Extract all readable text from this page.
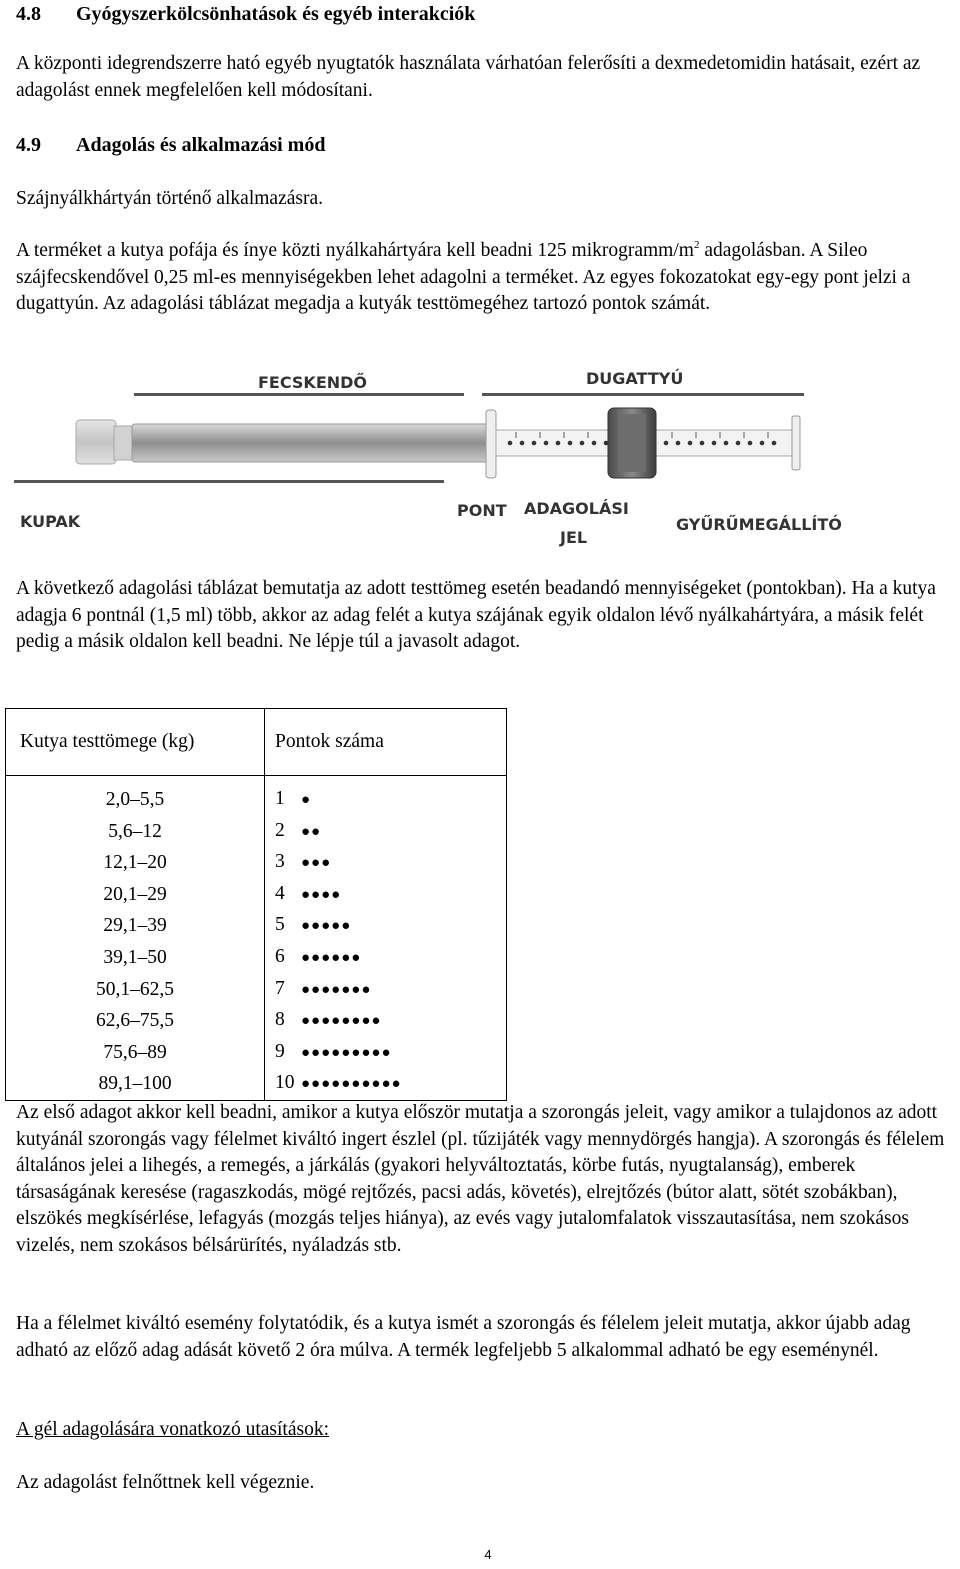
4.8 Gyógyszerkölcsönhatások és egyéb interakciók

A központi idegrendszerre ható egyéb nyugtatók használata várhatóan felerősíti a dexmedetomidin hatásait, ezért az adagolást ennek megfelelően kell módosítani.

4.9 Adagolás és alkalmazási mód

Szájnyálkhártyán történő alkalmazásra.

A terméket a kutya pofája és ínye közti nyálkahártyára kell beadni 125 mikrogramm/$m^2$ adagolásban. A Sileo szájfecskendővel 0,25 ml-es mennyiségekben lehet adagolni a terméket. Az egyes fokozatokat egy-egy pont jelzi a dugattyún. Az adagolási táblázat megadja a kutyák testtömegéhez tartozó pontok számát.

FECSKENDŐ	DUGATTYÚ
KUPAK
PONT ADAGOLÁSI
JEL
GYŰRŰMEGÁLLÍTÓ

A következő adagolási táblázat bemutatja az adott testtömeg esetén beadandó mennyiségeket (pontokban). Ha a kutya adagja 6 pontnál (1,5 ml) több, akkor az adag felét a kutya szájának egyik oldalon lévő nyálkahártyára, a másik felét pedig a másik oldalon kell beadni. Ne lépje túl a javasolt adagot.

Kutya testtömege (kg)	Pontok száma
2,0–5,5	1 ●
5,6–12	2 ●●
12,1–20	3 ●●●
20,1–29	4 ●●●●
29,1–39	5 ●●●●●
39,1–50	6 ●●●●●●
50,1–62,5	7 ●●●●●●●
62,6–75,5	8 ●●●●●●●●
75,6–89	9 ●●●●●●●●●
89,1–100	10 ●●●●●●●●●●

Az első adagot akkor kell beadni, amikor a kutya először mutatja a szorongás jeleit, vagy amikor a tulajdonos az adott kutyánál szorongás vagy félelmet kiváltó ingert észlel (pl. tűzijáték vagy mennydörgés hangja). A szorongás és félelem általános jelei a lihegés, a remegés, a járkálás (gyakori helyváltoztatás, körbe futás, nyugtalanság), emberek társaságának keresése (ragaszkodás, mögé rejtőzés, pacsi adás, követés), elrejtőzés (bútor alatt, sötét szobákban), elszökés megkísérlése, lefagyás (mozgás teljes hiánya), az evés vagy jutalomfalatok visszautasítása, nem szokásos vizelés, nem szokásos bélsárürítés, nyáladzás stb.

Ha a félelmet kiváltó esemény folytatódik, és a kutya ismét a szorongás és félelem jeleit mutatja, akkor újabb adag adható az előző adag adását követő 2 óra múlva. A termék legfeljebb 5 alkalommal adható be egy eseménynél.

A gél adagolására vonatkozó utasítások:

Az adagolást felnőttnek kell végeznie.

4
